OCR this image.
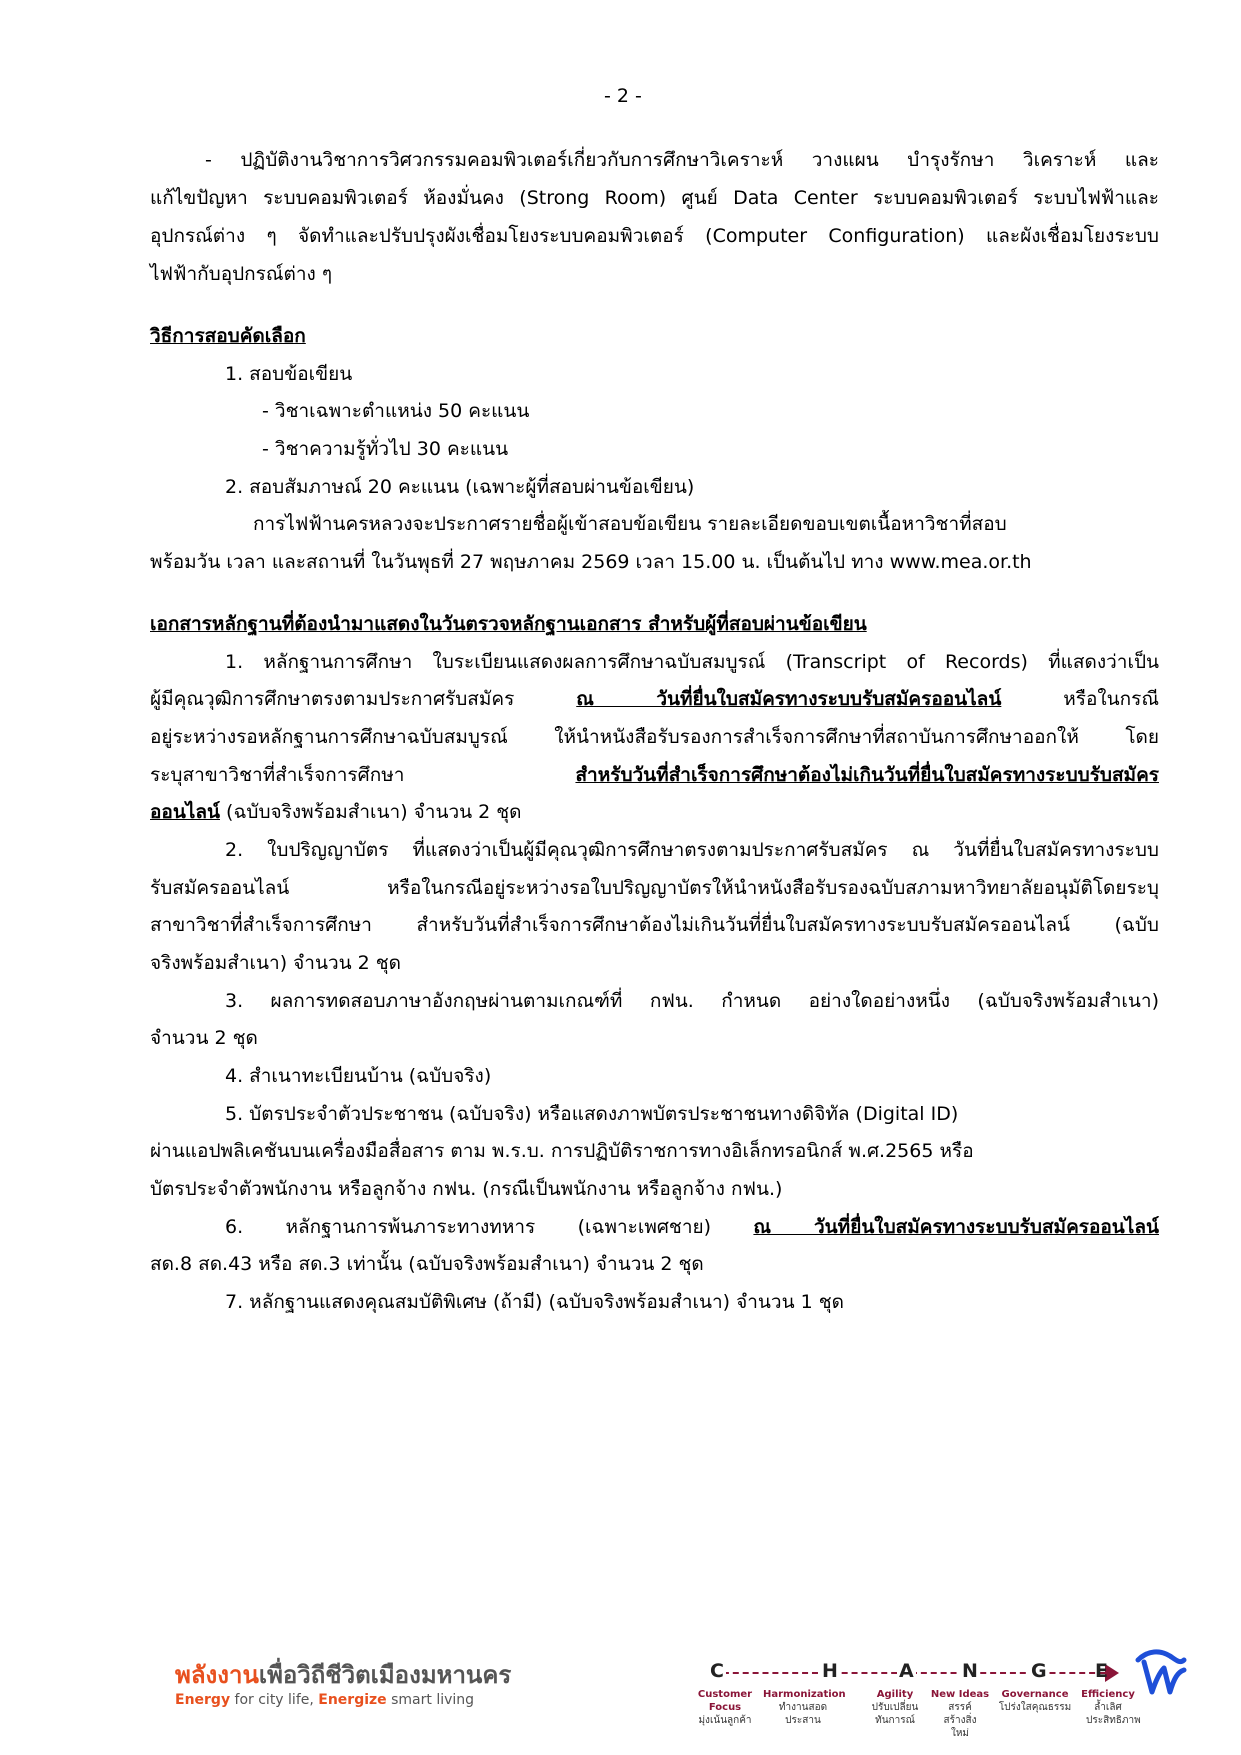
- 2 -
- ปฏิบัติงานวิชาการวิศวกรรมคอมพิวเตอร์เกี่ยวกับการศึกษาวิเคราะห์ วางแผน บำรุงรักษา วิเคราะห์ และ
แก้ไขปัญหา ระบบคอมพิวเตอร์ ห้องมั่นคง (Strong Room) ศูนย์ Data Center ระบบคอมพิวเตอร์ ระบบไฟฟ้าและ
อุปกรณ์ต่าง ๆ จัดทำและปรับปรุงผังเชื่อมโยงระบบคอมพิวเตอร์ (Computer Configuration) และผังเชื่อมโยงระบบ
ไฟฟ้ากับอุปกรณ์ต่าง ๆ
วิธีการสอบคัดเลือก
1. สอบข้อเขียน
- วิชาเฉพาะตำแหน่ง 50 คะแนน
- วิชาความรู้ทั่วไป 30 คะแนน
2. สอบสัมภาษณ์ 20 คะแนน (เฉพาะผู้ที่สอบผ่านข้อเขียน)
การไฟฟ้านครหลวงจะประกาศรายชื่อผู้เข้าสอบข้อเขียน รายละเอียดขอบเขตเนื้อหาวิชาที่สอบ
พร้อมวัน เวลา และสถานที่ ในวันพุธที่ 27 พฤษภาคม 2569 เวลา 15.00 น. เป็นต้นไป ทาง www.mea.or.th
เอกสารหลักฐานที่ต้องนำมาแสดงในวันตรวจหลักฐานเอกสาร สำหรับผู้ที่สอบผ่านข้อเขียน
1. หลักฐานการศึกษา ใบระเบียนแสดงผลการศึกษาฉบับสมบูรณ์ (Transcript of Records) ที่แสดงว่าเป็น
ผู้มีคุณวุฒิการศึกษาตรงตามประกาศรับสมัคร ณ วันที่ยื่นใบสมัครทางระบบรับสมัครออนไลน์ หรือในกรณี
อยู่ระหว่างรอหลักฐานการศึกษาฉบับสมบูรณ์ ให้นำหนังสือรับรองการสำเร็จการศึกษาที่สถาบันการศึกษาออกให้ โดย
ระบุสาขาวิชาที่สำเร็จการศึกษา สำหรับวันที่สำเร็จการศึกษาต้องไม่เกินวันที่ยื่นใบสมัครทางระบบรับสมัคร
ออนไลน์ (ฉบับจริงพร้อมสำเนา) จำนวน 2 ชุด
2. ใบปริญญาบัตร ที่แสดงว่าเป็นผู้มีคุณวุฒิการศึกษาตรงตามประกาศรับสมัคร ณ วันที่ยื่นใบสมัครทางระบบ
รับสมัครออนไลน์ หรือในกรณีอยู่ระหว่างรอใบปริญญาบัตรให้นำหนังสือรับรองฉบับสภามหาวิทยาลัยอนุมัติโดยระบุ
สาขาวิชาที่สำเร็จการศึกษา สำหรับวันที่สำเร็จการศึกษาต้องไม่เกินวันที่ยื่นใบสมัครทางระบบรับสมัครออนไลน์ (ฉบับ
จริงพร้อมสำเนา) จำนวน 2 ชุด
3. ผลการทดสอบภาษาอังกฤษผ่านตามเกณฑ์ที่ กฟน. กำหนด อย่างใดอย่างหนึ่ง (ฉบับจริงพร้อมสำเนา)
จำนวน 2 ชุด
4. สำเนาทะเบียนบ้าน (ฉบับจริง)
5. บัตรประจำตัวประชาชน (ฉบับจริง) หรือแสดงภาพบัตรประชาชนทางดิจิทัล (Digital ID)
ผ่านแอปพลิเคชันบนเครื่องมือสื่อสาร ตาม พ.ร.บ. การปฏิบัติราชการทางอิเล็กทรอนิกส์ พ.ศ.2565 หรือ
บัตรประจำตัวพนักงาน หรือลูกจ้าง กฟน. (กรณีเป็นพนักงาน หรือลูกจ้าง กฟน.)
6. หลักฐานการพ้นภาระทางทหาร (เฉพาะเพศชาย) ณ วันที่ยื่นใบสมัครทางระบบรับสมัครออนไลน์
สด.8 สด.43 หรือ สด.3 เท่านั้น (ฉบับจริงพร้อมสำเนา) จำนวน 2 ชุด
7. หลักฐานแสดงคุณสมบัติพิเศษ (ถ้ามี) (ฉบับจริงพร้อมสำเนา) จำนวน 1 ชุด
พลังงานเพื่อวิถีชีวิตเมืองมหานคร
Energy for city life, Energize smart living
C	H	A	N	G	E
Customer Focus
มุ่งเน้นลูกค้า
Harmonization
ทำงานสอดประสาน
Agility
ปรับเปลี่ยนทันการณ์
New Ideas
สรรค์สร้างสิ่งใหม่
Governance
โปร่งใสคุณธรรม
Efficiency
ล้ำเลิศประสิทธิภาพ
